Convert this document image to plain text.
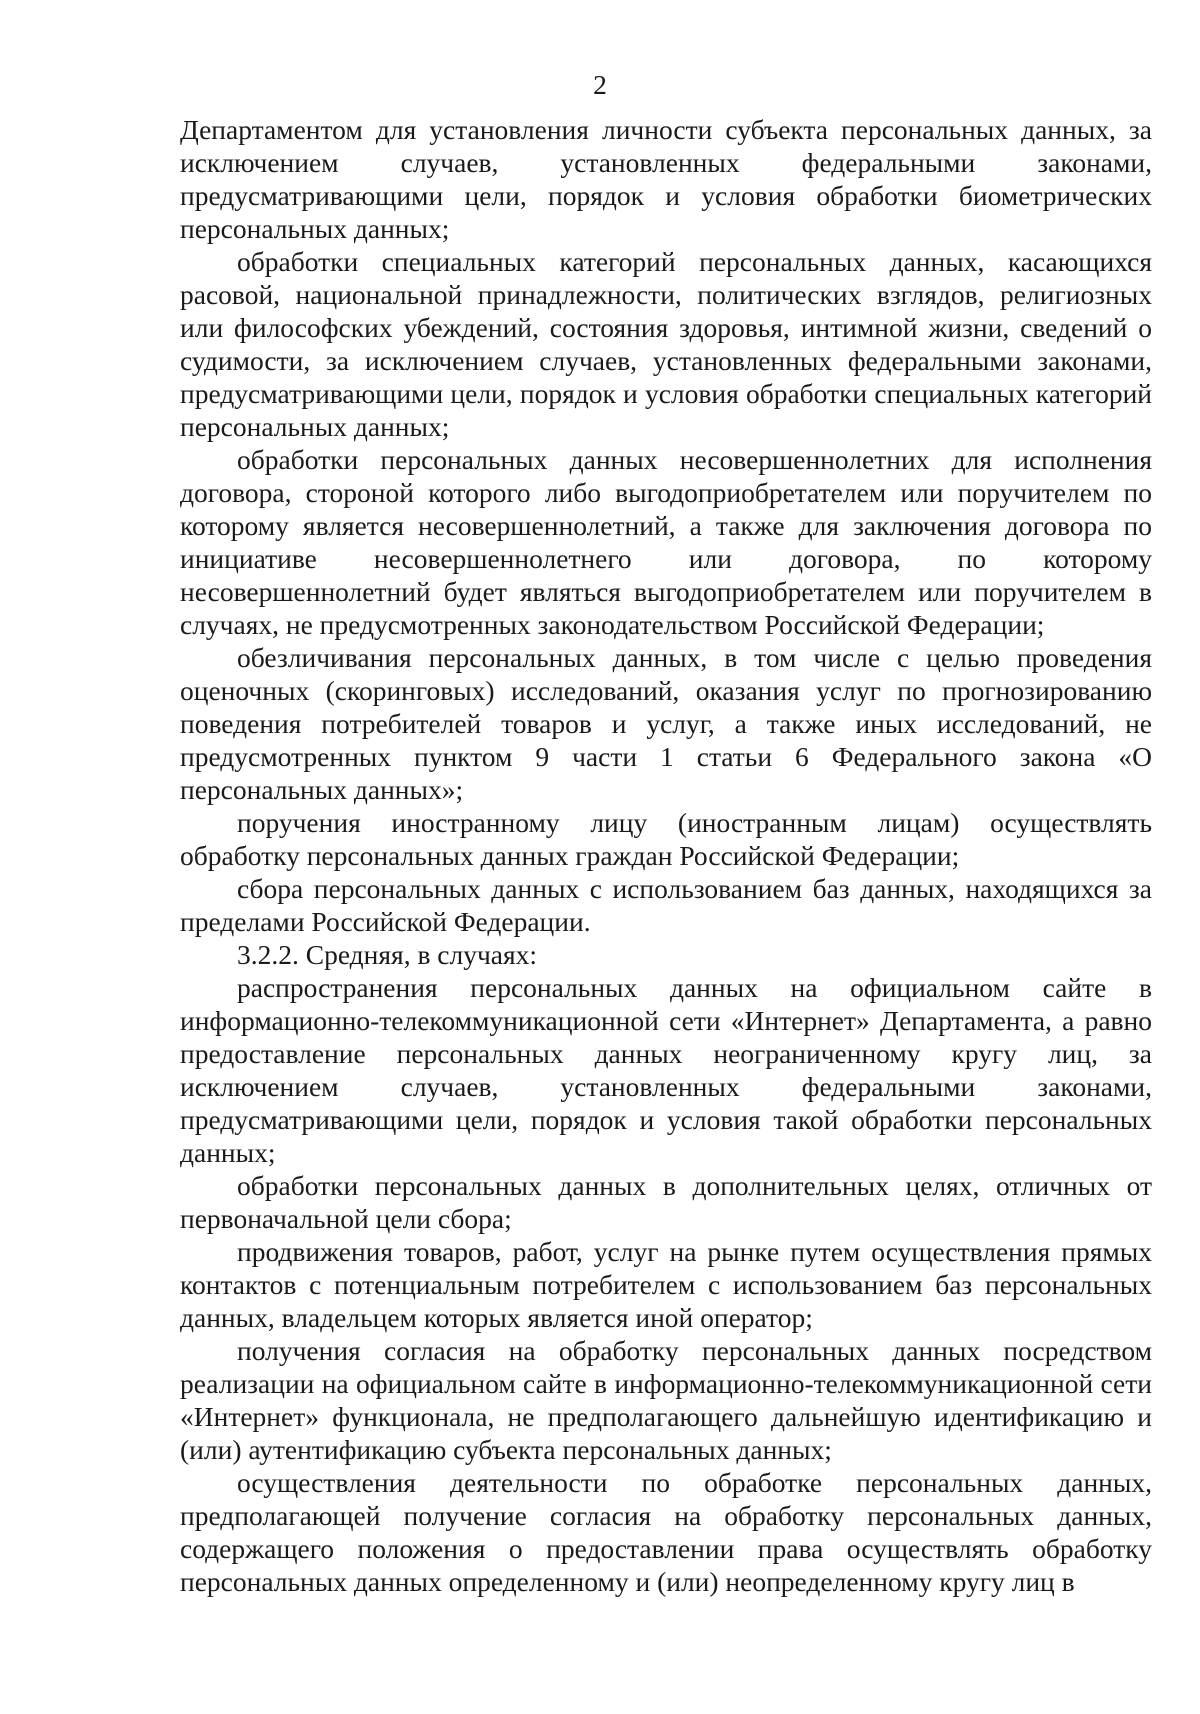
2

Департаментом для установления личности субъекта персональных данных, за исключением случаев, установленных федеральными законами, предусматривающими цели, порядок и условия обработки биометрических персональных данных;

обработки специальных категорий персональных данных, касающихся расовой, национальной принадлежности, политических взглядов, религиозных или философских убеждений, состояния здоровья, интимной жизни, сведений о судимости, за исключением случаев, установленных федеральными законами, предусматривающими цели, порядок и условия обработки специальных категорий персональных данных;

обработки персональных данных несовершеннолетних для исполнения договора, стороной которого либо выгодоприобретателем или поручителем по которому является несовершеннолетний, а также для заключения договора по инициативе несовершеннолетнего или договора, по которому несовершеннолетний будет являться выгодоприобретателем или поручителем в случаях, не предусмотренных законодательством Российской Федерации;

обезличивания персональных данных, в том числе с целью проведения оценочных (скоринговых) исследований, оказания услуг по прогнозированию поведения потребителей товаров и услуг, а также иных исследований, не предусмотренных пунктом 9 части 1 статьи 6 Федерального закона «О персональных данных»;

поручения иностранному лицу (иностранным лицам) осуществлять обработку персональных данных граждан Российской Федерации;

сбора персональных данных с использованием баз данных, находящихся за пределами Российской Федерации.

3.2.2. Средняя, в случаях:

распространения персональных данных на официальном сайте в информационно-телекоммуникационной сети «Интернет» Департамента, а равно предоставление персональных данных неограниченному кругу лиц, за исключением случаев, установленных федеральными законами, предусматривающими цели, порядок и условия такой обработки персональных данных;

обработки персональных данных в дополнительных целях, отличных от первоначальной цели сбора;

продвижения товаров, работ, услуг на рынке путем осуществления прямых контактов с потенциальным потребителем с использованием баз персональных данных, владельцем которых является иной оператор;

получения согласия на обработку персональных данных посредством реализации на официальном сайте в информационно-телекоммуникационной сети «Интернет» функционала, не предполагающего дальнейшую идентификацию и (или) аутентификацию субъекта персональных данных;

осуществления деятельности по обработке персональных данных, предполагающей получение согласия на обработку персональных данных, содержащего положения о предоставлении права осуществлять обработку персональных данных определенному и (или) неопределенному кругу лиц в
